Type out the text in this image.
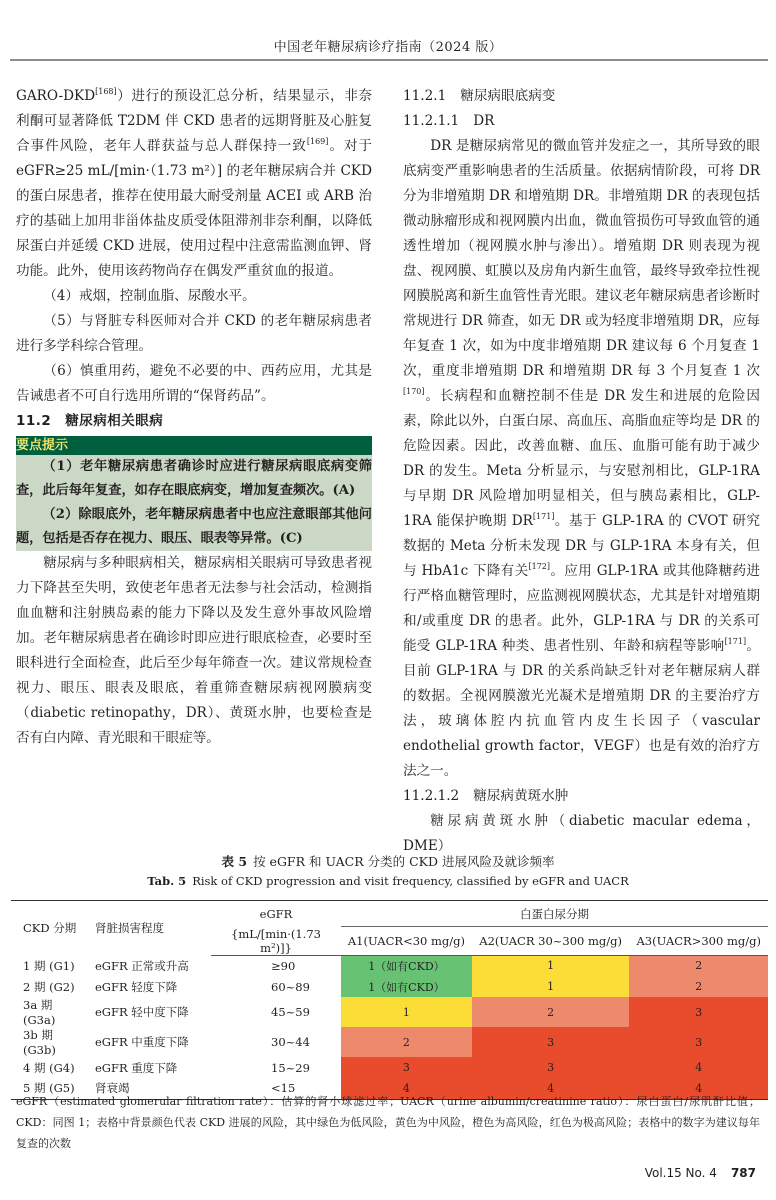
中国老年糖尿病诊疗指南（2024 版）

GARO-DKD[168]）进行的预设汇总分析，结果显示，非奈利酮可显著降低 T2DM 伴 CKD 患者的远期肾脏及心脏复合事件风险，老年人群获益与总人群保持一致[169]。对于 eGFR≥25 mL/[min·（1.73 m²）] 的老年糖尿病合并 CKD 的蛋白尿患者，推荐在使用最大耐受剂量 ACEI 或 ARB 治疗的基础上加用非甾体盐皮质受体阻滞剂非奈利酮，以降低尿蛋白并延缓 CKD 进展，使用过程中注意需监测血钾、肾功能。此外，使用该药物尚存在偶发严重贫血的报道。

（4）戒烟，控制血脂、尿酸水平。

（5）与肾脏专科医师对合并 CKD 的老年糖尿病患者进行多学科综合管理。

（6）慎重用药，避免不必要的中、西药应用，尤其是告诫患者不可自行选用所谓的“保肾药品”。

11.2　糖尿病相关眼病
要点提示

（1）老年糖尿病患者确诊时应进行糖尿病眼底病变筛查，此后每年复查，如存在眼底病变，增加复查频次。(A)

（2）除眼底外，老年糖尿病患者中也应注意眼部其他问题，包括是否存在视力、眼压、眼表等异常。(C)

糖尿病与多种眼病相关，糖尿病相关眼病可导致患者视力下降甚至失明，致使老年患者无法参与社会活动，检测指血血糖和注射胰岛素的能力下降以及发生意外事故风险增加。老年糖尿病患者在确诊时即应进行眼底检查，必要时至眼科进行全面检查，此后至少每年筛查一次。建议常规检查视力、眼压、眼表及眼底，着重筛查糖尿病视网膜病变（diabetic retinopathy，DR）、黄斑水肿，也要检查是否有白内障、青光眼和干眼症等。

11.2.1 糖尿病眼底病变
11.2.1.1 DR

DR 是糖尿病常见的微血管并发症之一，其所导致的眼底病变严重影响患者的生活质量。依据病情阶段，可将 DR 分为非增殖期 DR 和增殖期 DR。非增殖期 DR 的表现包括微动脉瘤形成和视网膜内出血，微血管损伤可导致血管的通透性增加（视网膜水肿与渗出）。增殖期 DR 则表现为视盘、视网膜、虹膜以及房角内新生血管，最终导致牵拉性视网膜脱离和新生血管性青光眼。建议老年糖尿病患者诊断时常规进行 DR 筛查，如无 DR 或为轻度非增殖期 DR，应每年复查 1 次，如为中度非增殖期 DR 建议每 6 个月复查 1 次，重度非增殖期 DR 和增殖期 DR 每 3 个月复查 1 次[170]。长病程和血糖控制不佳是 DR 发生和进展的危险因素，除此以外，白蛋白尿、高血压、高脂血症等均是 DR 的危险因素。因此，改善血糖、血压、血脂可能有助于减少 DR 的发生。Meta 分析显示，与安慰剂相比，GLP-1RA 与早期 DR 风险增加明显相关，但与胰岛素相比，GLP-1RA 能保护晚期 DR[171]。基于 GLP-1RA 的 CVOT 研究数据的 Meta 分析未发现 DR 与 GLP-1RA 本身有关，但与 HbA1c 下降有关[172]。应用 GLP-1RA 或其他降糖药进行严格血糖管理时，应监测视网膜状态，尤其是针对增殖期和/或重度 DR 的患者。此外，GLP-1RA 与 DR 的关系可能受 GLP-1RA 种类、患者性别、年龄和病程等影响[171]。目前 GLP-1RA 与 DR 的关系尚缺乏针对老年糖尿病人群的数据。全视网膜激光光凝术是增殖期 DR 的主要治疗方法，玻璃体腔内抗血管内皮生长因子（vascular endothelial growth factor，VEGF）也是有效的治疗方法之一。

11.2.1.2 糖尿病黄斑水肿

糖尿病黄斑水肿（diabetic macular edema，DME）

表 5 按 eGFR 和 UACR 分类的 CKD 进展风险及就诊频率
Tab. 5 Risk of CKD progression and visit frequency, classified by eGFR and UACR
CKD 分期	肾脏损害程度	eGFR	白蛋白尿分期		
		{mL/[min·(1.73 m²)]}	A1(UACR<30 mg/g)	A2(UACR 30~300 mg/g)	A3(UACR>300 mg/g)
1 期 (G1)	eGFR 正常或升高	≥90	1（如有CKD）	1	2
2 期 (G2)	eGFR 轻度下降	60~89	1（如有CKD）	1	2
3a 期 (G3a)	eGFR 轻中度下降	45~59	1	2	3
3b 期 (G3b)	eGFR 中重度下降	30~44	2	3	3
4 期 (G4)	eGFR 重度下降	15~29	3	3	4
5 期 (G5)	肾衰竭	<15	4	4	4
eGFR（estimated glomerular filtration rate）：估算的肾小球滤过率；UACR（urine albumin/creatinine ratio）：尿白蛋白/尿肌酐比值；CKD：同图 1；表格中背景颜色代表 CKD 进展的风险，其中绿色为低风险，黄色为中风险，橙色为高风险，红色为极高风险；表格中的数字为建议每年复查的次数
Vol.15 No. 4 787
